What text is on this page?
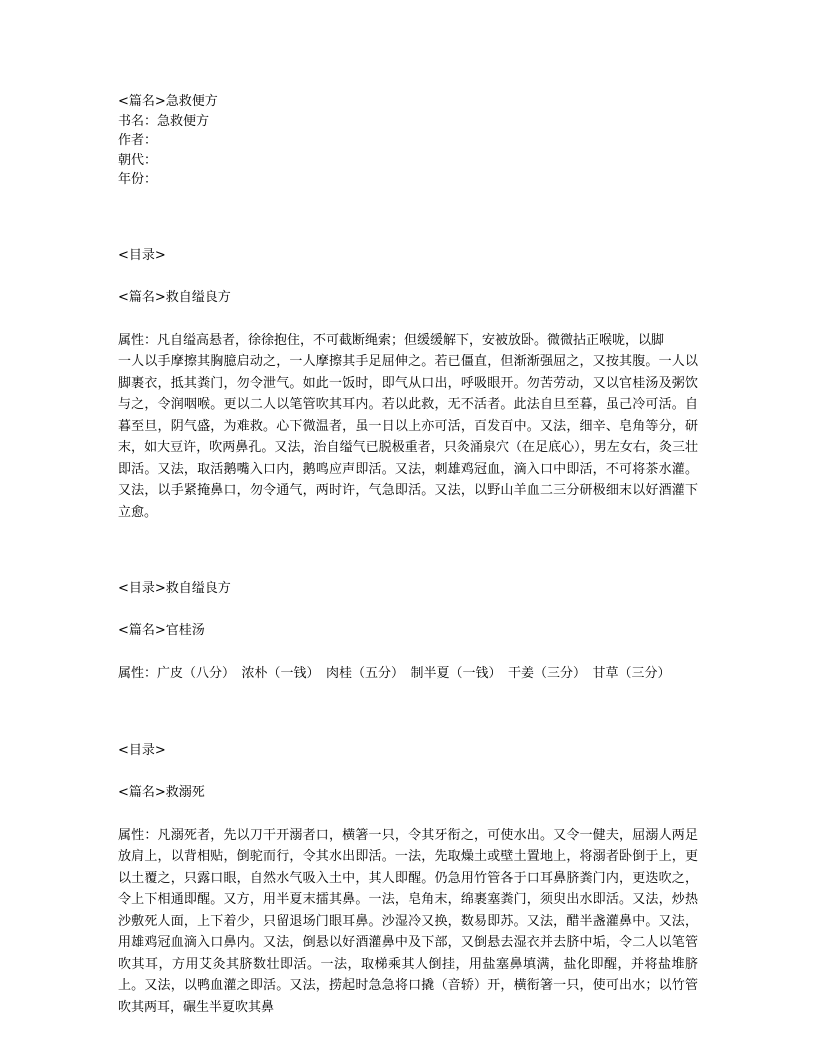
<篇名>急救便方
书名：急救便方
作者：
朝代：
年份：
<目录>
<篇名>救自缢良方
属性：凡自缢高悬者，徐徐抱住，不可截断绳索；但缓缓解下，安被放卧。微微拈正喉咙，以脚
一人以手摩擦其胸臆启动之，一人摩擦其手足屈伸之。若已僵直，但渐渐强屈之，又按其腹。一人以脚裹衣，抵其粪门，勿令泄气。如此一饭时，即气从口出，呼吸眼开。勿苦劳动，又以官桂汤及粥饮与之，令润咽喉。更以二人以笔管吹其耳内。若以此救，无不活者。此法自旦至暮，虽己冷可活。自暮至旦，阴气盛，为难救。心下微温者，虽一日以上亦可活，百发百中。又法，细辛、皂角等分，研末，如大豆许，吹两鼻孔。又法，治自缢气已脱极重者，只灸涌泉穴（在足底心），男左女右，灸三壮即活。又法，取活鹅嘴入口内，鹅鸣应声即活。又法，刺雄鸡冠血，滴入口中即活，不可将茶水灌。又法，以手紧掩鼻口，勿令通气，两时许，气急即活。又法，以野山羊血二三分研极细末以好酒灌下立愈。
<目录>救自缢良方
<篇名>官桂汤
属性：广皮（八分）　浓朴（一钱）　肉桂（五分）　制半夏（一钱）　干姜（三分）　甘草（三分）
<目录>
<篇名>救溺死
属性：凡溺死者，先以刀干开溺者口，横箸一只，令其牙衔之，可使水出。又令一健夫，屈溺人两足放肩上，以背相贴，倒驼而行，令其水出即活。一法，先取燥土或壁土置地上，将溺者卧倒于上，更以土覆之，只露口眼，自然水气吸入土中，其人即醒。仍急用竹管各于口耳鼻脐粪门内，更迭吹之，令上下相通即醒。又方，用半夏末擂其鼻。一法，皂角末，绵裹塞粪门，须臾出水即活。又法，炒热沙敷死人面，上下着少，只留退场门眼耳鼻。沙湿冷又换，数易即苏。又法，醋半盏灌鼻中。又法，用雄鸡冠血滴入口鼻内。又法，倒悬以好酒灌鼻中及下部，又倒悬去湿衣并去脐中垢，令二人以笔管吹其耳，方用艾灸其脐数壮即活。一法，取梯乘其人倒挂，用盐塞鼻填满，盐化即醒，并将盐堆脐上。又法，以鸭血灌之即活。又法，捞起时急急将口撬（音轿）开，横衔箸一只，使可出水；以竹管吹其两耳，碾生半夏吹其鼻
